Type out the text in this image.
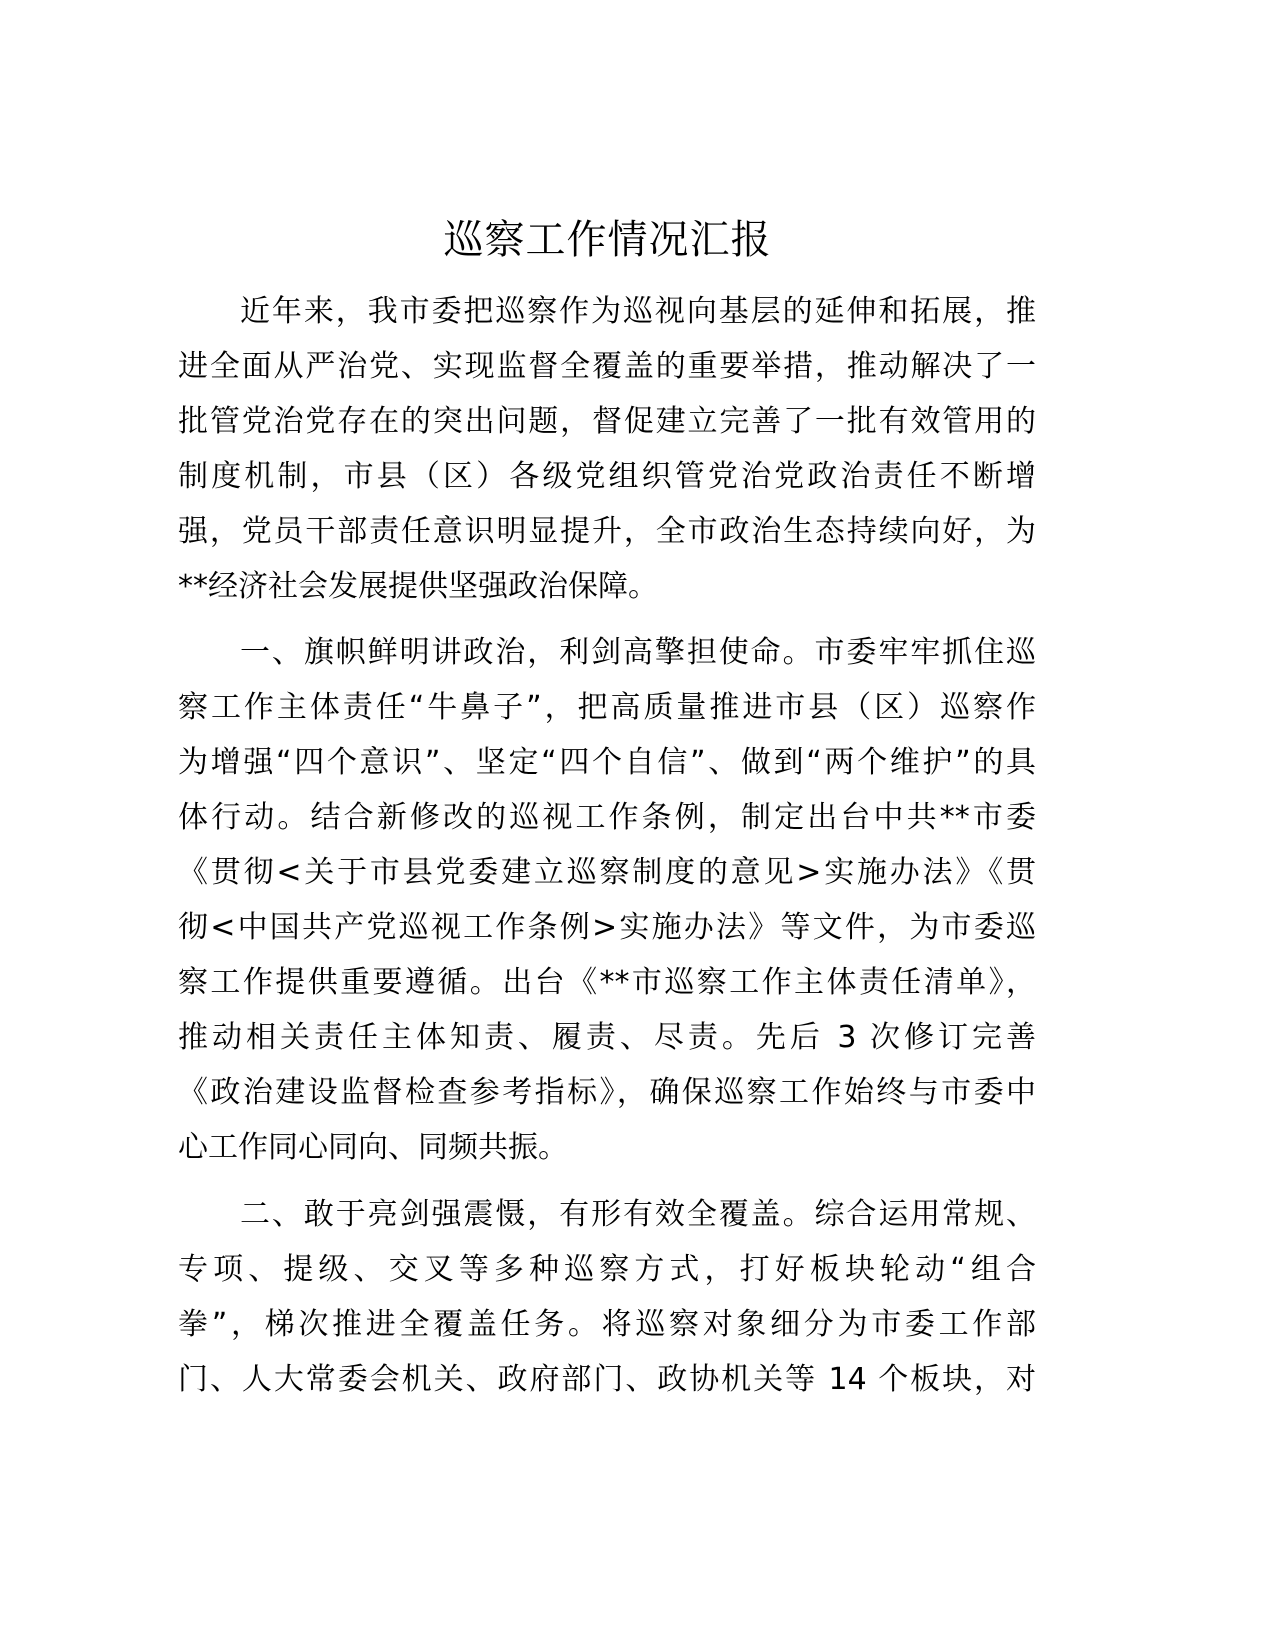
巡察工作情况汇报

近年来，我市委把巡察作为巡视向基层的延伸和拓展，推

进全面从严治党、实现监督全覆盖的重要举措，推动解决了一

批管党治党存在的突出问题，督促建立完善了一批有效管用的

制度机制，市县（区）各级党组织管党治党政治责任不断增

强，党员干部责任意识明显提升，全市政治生态持续向好，为

**经济社会发展提供坚强政治保障。

一、旗帜鲜明讲政治，利剑高擎担使命。市委牢牢抓住巡

察工作主体责任“牛鼻子”，把高质量推进市县（区）巡察作

为增强“四个意识”、坚定“四个自信”、做到“两个维护”的具

体行动。结合新修改的巡视工作条例，制定出台中共**市委

《贯彻<关于市县党委建立巡察制度的意见>实施办法》《贯

彻<中国共产党巡视工作条例>实施办法》等文件，为市委巡

察工作提供重要遵循。出台《**市巡察工作主体责任清单》，

推动相关责任主体知责、履责、尽责。先后 3 次修订完善

《政治建设监督检查参考指标》，确保巡察工作始终与市委中

心工作同心同向、同频共振。

二、敢于亮剑强震慑，有形有效全覆盖。综合运用常规、

专项、提级、交叉等多种巡察方式，打好板块轮动“组合

拳”，梯次推进全覆盖任务。将巡察对象细分为市委工作部

门、人大常委会机关、政府部门、政协机关等 14 个板块，对
